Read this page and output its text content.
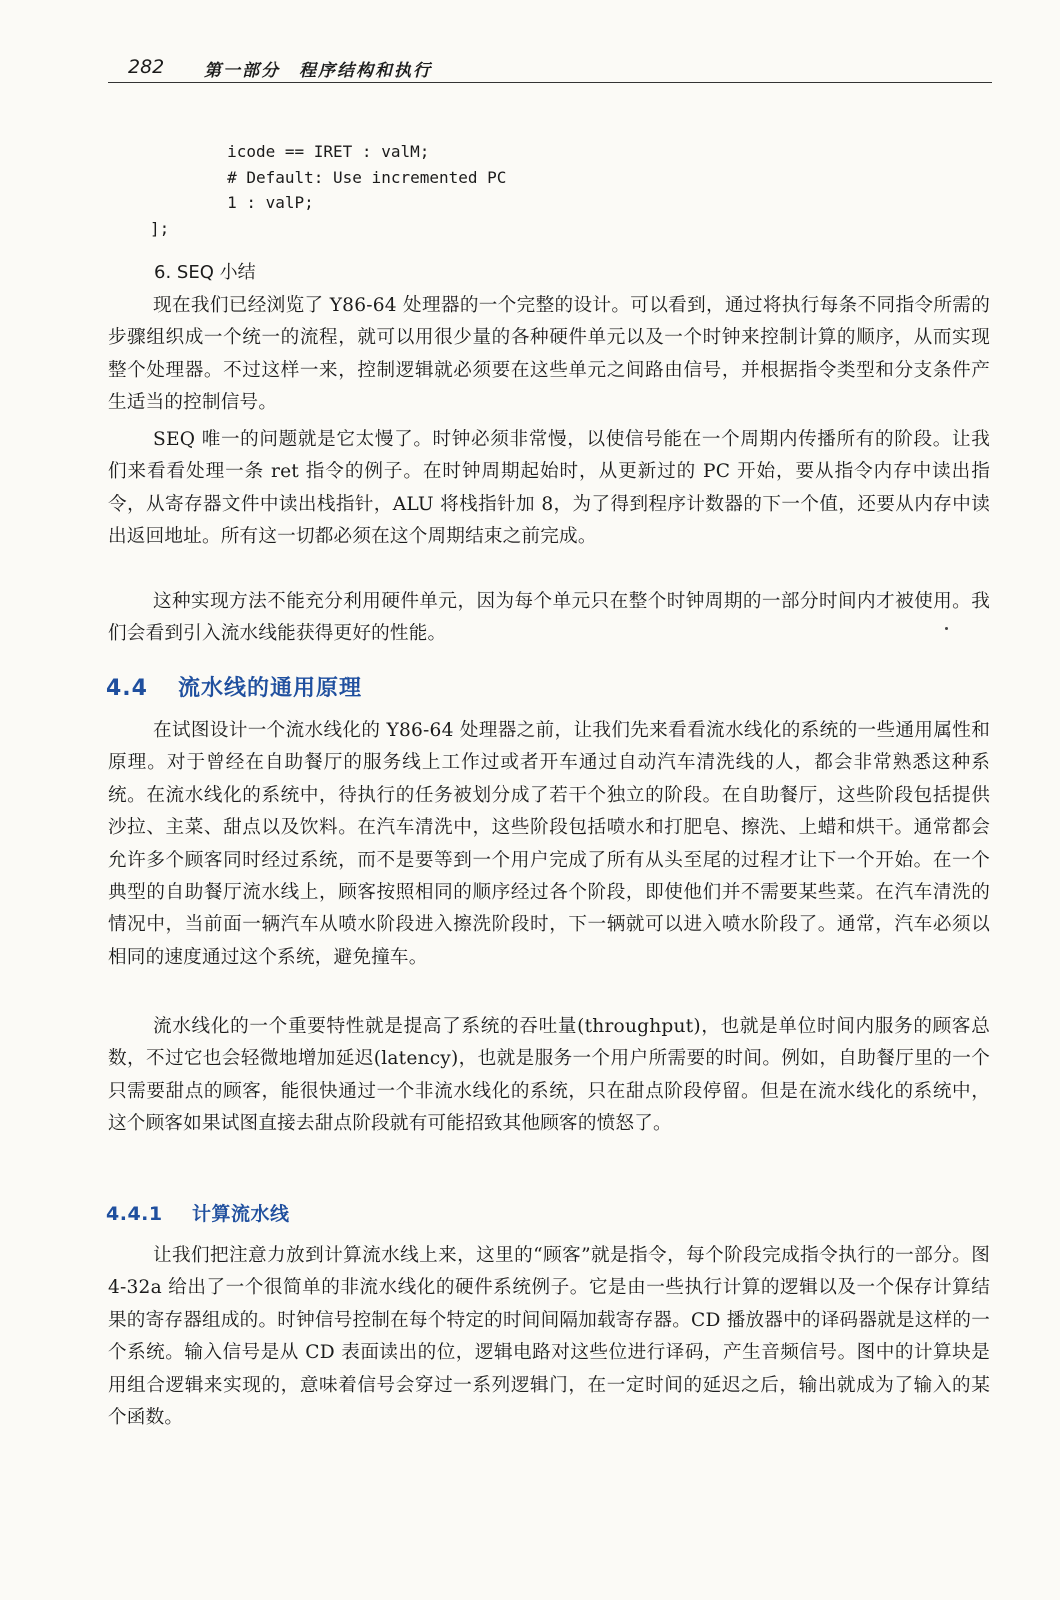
282 第一部分　程序结构和执行
icode == IRET : valM;
# Default: Use incremented PC
1 : valP;
];
6. SEQ 小结

现在我们已经浏览了 Y86-64 处理器的一个完整的设计。可以看到，通过将执行每条不同指令所需的步骤组织成一个统一的流程，就可以用很少量的各种硬件单元以及一个时钟来控制计算的顺序，从而实现整个处理器。不过这样一来，控制逻辑就必须要在这些单元之间路由信号，并根据指令类型和分支条件产生适当的控制信号。

SEQ 唯一的问题就是它太慢了。时钟必须非常慢，以使信号能在一个周期内传播所有的阶段。让我们来看看处理一条 ret 指令的例子。在时钟周期起始时，从更新过的 PC 开始，要从指令内存中读出指令，从寄存器文件中读出栈指针，ALU 将栈指针加 8，为了得到程序计数器的下一个值，还要从内存中读出返回地址。所有这一切都必须在这个周期结束之前完成。

这种实现方法不能充分利用硬件单元，因为每个单元只在整个时钟周期的一部分时间内才被使用。我们会看到引入流水线能获得更好的性能。

4.4 流水线的通用原理

在试图设计一个流水线化的 Y86-64 处理器之前，让我们先来看看流水线化的系统的一些通用属性和原理。对于曾经在自助餐厅的服务线上工作过或者开车通过自动汽车清洗线的人，都会非常熟悉这种系统。在流水线化的系统中，待执行的任务被划分成了若干个独立的阶段。在自助餐厅，这些阶段包括提供沙拉、主菜、甜点以及饮料。在汽车清洗中，这些阶段包括喷水和打肥皂、擦洗、上蜡和烘干。通常都会允许多个顾客同时经过系统，而不是要等到一个用户完成了所有从头至尾的过程才让下一个开始。在一个典型的自助餐厅流水线上，顾客按照相同的顺序经过各个阶段，即使他们并不需要某些菜。在汽车清洗的情况中，当前面一辆汽车从喷水阶段进入擦洗阶段时，下一辆就可以进入喷水阶段了。通常，汽车必须以相同的速度通过这个系统，避免撞车。

流水线化的一个重要特性就是提高了系统的吞吐量(throughput)，也就是单位时间内服务的顾客总数，不过它也会轻微地增加延迟(latency)，也就是服务一个用户所需要的时间。例如，自助餐厅里的一个只需要甜点的顾客，能很快通过一个非流水线化的系统，只在甜点阶段停留。但是在流水线化的系统中，这个顾客如果试图直接去甜点阶段就有可能招致其他顾客的愤怒了。

4.4.1 计算流水线

让我们把注意力放到计算流水线上来，这里的“顾客”就是指令，每个阶段完成指令执行的一部分。图 4-32a 给出了一个很简单的非流水线化的硬件系统例子。它是由一些执行计算的逻辑以及一个保存计算结果的寄存器组成的。时钟信号控制在每个特定的时间间隔加载寄存器。CD 播放器中的译码器就是这样的一个系统。输入信号是从 CD 表面读出的位，逻辑电路对这些位进行译码，产生音频信号。图中的计算块是用组合逻辑来实现的，意味着信号会穿过一系列逻辑门，在一定时间的延迟之后，输出就成为了输入的某个函数。
